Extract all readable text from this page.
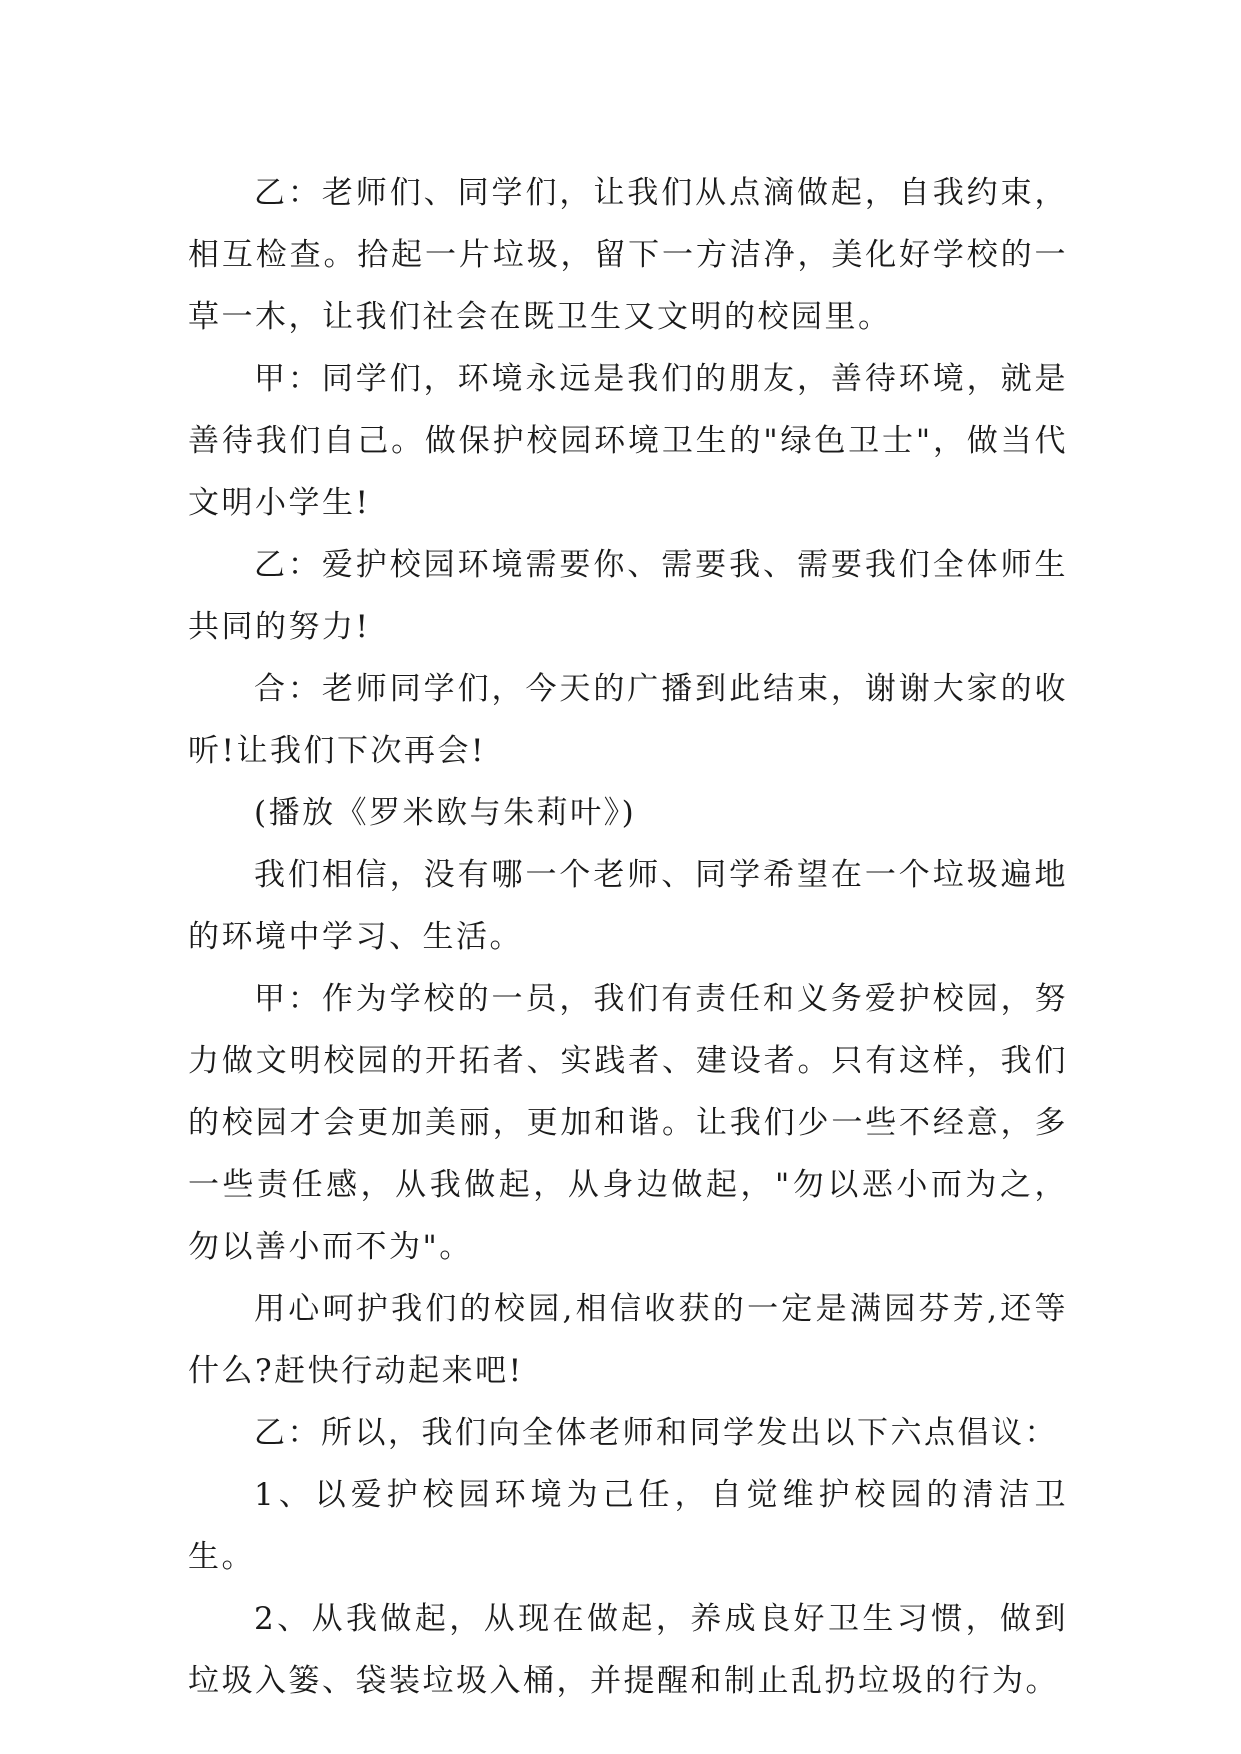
乙：老师们、同学们，让我们从点滴做起，自我约束，相互检查。拾起一片垃圾，留下一方洁净，美化好学校的一草一木，让我们社会在既卫生又文明的校园里。

甲：同学们，环境永远是我们的朋友，善待环境，就是善待我们自己。做保护校园环境卫生的"绿色卫士"，做当代文明小学生!

乙：爱护校园环境需要你、需要我、需要我们全体师生共同的努力!

合：老师同学们，今天的广播到此结束，谢谢大家的收听!让我们下次再会!

(播放《罗米欧与朱莉叶》)

我们相信，没有哪一个老师、同学希望在一个垃圾遍地的环境中学习、生活。

甲：作为学校的一员，我们有责任和义务爱护校园，努力做文明校园的开拓者、实践者、建设者。只有这样，我们的校园才会更加美丽，更加和谐。让我们少一些不经意，多一些责任感，从我做起，从身边做起，"勿以恶小而为之，勿以善小而不为"。

用心呵护我们的校园,相信收获的一定是满园芬芳,还等什么?赶快行动起来吧!

乙：所以，我们向全体老师和同学发出以下六点倡议：

1、以爱护校园环境为己任，自觉维护校园的清洁卫生。

2、从我做起，从现在做起，养成良好卫生习惯，做到垃圾入篓、袋装垃圾入桶，并提醒和制止乱扔垃圾的行为。
